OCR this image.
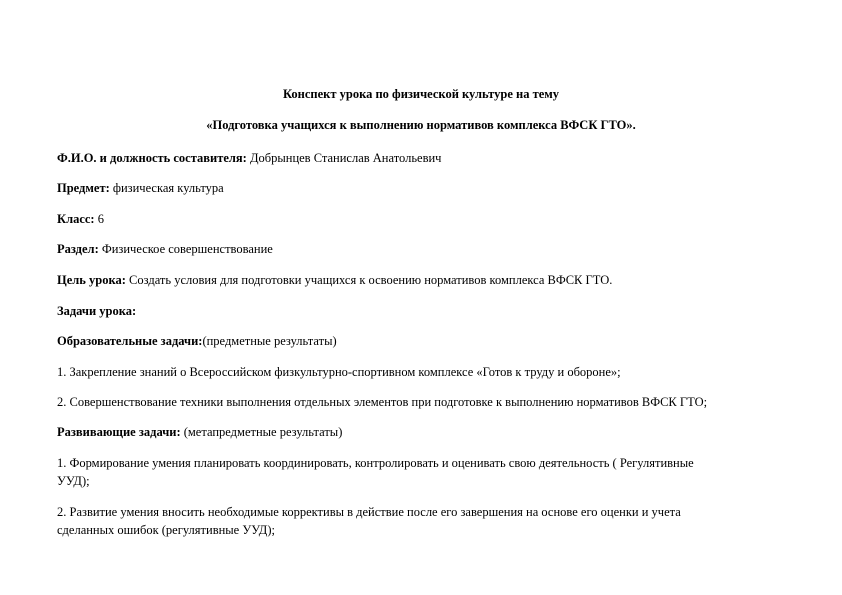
Конспект урока по физической культуре на тему
«Подготовка учащихся к выполнению нормативов комплекса ВФСК ГТО».
Ф.И.О. и должность составителя: Добрынцев Станислав Анатольевич
Предмет: физическая культура
Класс: 6
Раздел: Физическое совершенствование
Цель урока: Создать условия для подготовки учащихся к освоению нормативов комплекса ВФСК ГТО.
Задачи урока:
Образовательные задачи:(предметные результаты)
1. Закрепление знаний о Всероссийском физкультурно-спортивном комплексе «Готов к труду и обороне»;
2. Совершенствование техники выполнения отдельных элементов при подготовке к выполнению нормативов ВФСК ГТО;
Развивающие задачи: (метапредметные результаты)
1. Формирование умения планировать координировать, контролировать и оценивать свою деятельность ( Регулятивные
УУД);
2. Развитие умения вносить необходимые коррективы в действие после его завершения на основе его оценки и учета
сделанных ошибок (регулятивные УУД);
